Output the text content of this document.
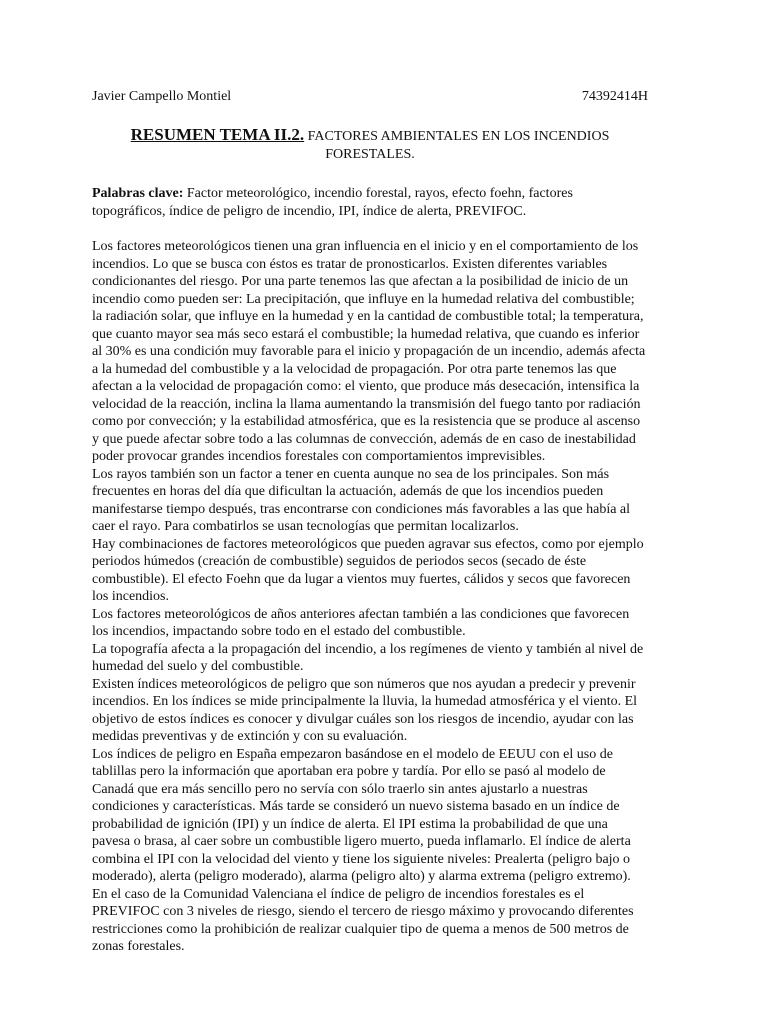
Javier Campello Montiel	74392414H
RESUMEN TEMA II.2. FACTORES AMBIENTALES EN LOS INCENDIOS FORESTALES.

Palabras clave: Factor meteorológico, incendio forestal, rayos, efecto foehn, factores topográficos, índice de peligro de incendio, IPI, índice de alerta, PREVIFOC.

Los factores meteorológicos tienen una gran influencia en el inicio y en el comportamiento de los incendios. Lo que se busca con éstos es tratar de pronosticarlos. Existen diferentes variables condicionantes del riesgo. Por una parte tenemos las que afectan a la posibilidad de inicio de un incendio como pueden ser: La precipitación, que influye en la humedad relativa del combustible; la radiación solar, que influye en la humedad y en la cantidad de combustible total; la temperatura, que cuanto mayor sea más seco estará el combustible; la humedad relativa, que cuando es inferior al 30% es una condición muy favorable para el inicio y propagación de un incendio, además afecta a la humedad del combustible y a la velocidad de propagación. Por otra parte tenemos las que afectan a la velocidad de propagación como: el viento, que produce más desecación, intensifica la velocidad de la reacción, inclina la llama aumentando la transmisión del fuego tanto por radiación como por convección; y la estabilidad atmosférica, que es la resistencia que se produce al ascenso y que puede afectar sobre todo a las columnas de convección, además de en caso de inestabilidad poder provocar grandes incendios forestales con comportamientos imprevisibles.

Los rayos también son un factor a tener en cuenta aunque no sea de los principales. Son más frecuentes en horas del día que dificultan la actuación, además de que los incendios pueden manifestarse tiempo después, tras encontrarse con condiciones más favorables a las que había al caer el rayo. Para combatirlos se usan tecnologías que permitan localizarlos.

Hay combinaciones de factores meteorológicos que pueden agravar sus efectos, como por ejemplo periodos húmedos (creación de combustible) seguidos de periodos secos (secado de éste combustible). El efecto Foehn que da lugar a vientos muy fuertes, cálidos y secos que favorecen los incendios.

Los factores meteorológicos de años anteriores afectan también a las condiciones que favorecen los incendios, impactando sobre todo en el estado del combustible.

La topografía afecta a la propagación del incendio, a los regímenes de viento y también al nivel de humedad del suelo y del combustible.

Existen índices meteorológicos de peligro que son números que nos ayudan a predecir y prevenir incendios. En los índices se mide principalmente la lluvia, la humedad atmosférica y el viento. El objetivo de estos índices es conocer y divulgar cuáles son los riesgos de incendio, ayudar con las medidas preventivas y de extinción y con su evaluación.

Los índices de peligro en España empezaron basándose en el modelo de EEUU con el uso de tablillas pero la información que aportaban era pobre y tardía. Por ello se pasó al modelo de Canadá que era más sencillo pero no servía con sólo traerlo sin antes ajustarlo a nuestras condiciones y características. Más tarde se consideró un nuevo sistema basado en un índice de probabilidad de ignición (IPI) y un índice de alerta. El IPI estima la probabilidad de que una pavesa o brasa, al caer sobre un combustible ligero muerto, pueda inflamarlo. El índice de alerta combina el IPI con la velocidad del viento y tiene los siguiente niveles: Prealerta (peligro bajo o moderado), alerta (peligro moderado), alarma (peligro alto) y alarma extrema (peligro extremo).

En el caso de la Comunidad Valenciana el índice de peligro de incendios forestales es el PREVIFOC con 3 niveles de riesgo, siendo el tercero de riesgo máximo y provocando diferentes restricciones como la prohibición de realizar cualquier tipo de quema a menos de 500 metros de zonas forestales.
